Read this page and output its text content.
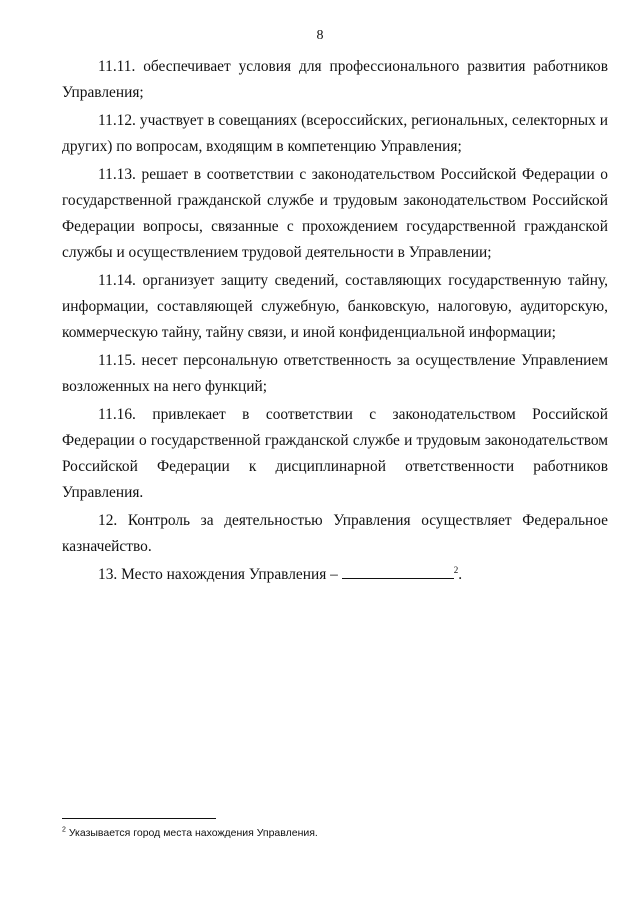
8

11.11. обеспечивает условия для профессионального развития работников Управления;

11.12. участвует в совещаниях (всероссийских, региональных, селекторных и других) по вопросам, входящим в компетенцию Управления;

11.13. решает в соответствии с законодательством Российской Федерации о государственной гражданской службе и трудовым законодательством Российской Федерации вопросы, связанные с прохождением государственной гражданской службы и осуществлением трудовой деятельности в Управлении;

11.14. организует защиту сведений, составляющих государственную тайну, информации, составляющей служебную, банковскую, налоговую, аудиторскую, коммерческую тайну, тайну связи, и иной конфиденциальной информации;

11.15. несет персональную ответственность за осуществление Управлением возложенных на него функций;

11.16. привлекает в соответствии с законодательством Российской Федерации о государственной гражданской службе и трудовым законодательством Российской Федерации к дисциплинарной ответственности работников Управления.

12. Контроль за деятельностью Управления осуществляет Федеральное казначейство.

13. Место нахождения Управления –	$^2$.

$^2$ Указывается город места нахождения Управления.
